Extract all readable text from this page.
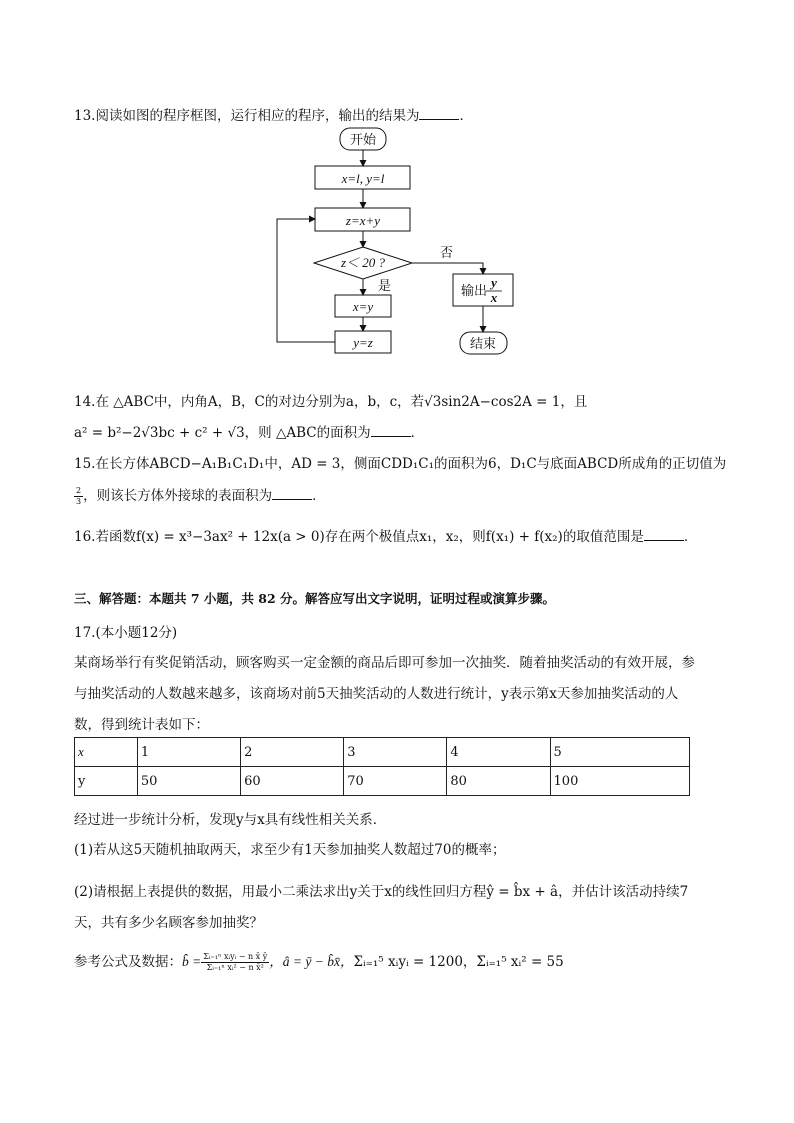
13.阅读如图的程序框图，运行相应的程序，输出的结果为	．
开始
x=l, y=l
z=x+y
z＜ 20 ?
是
否
x=y
y=z
输出
y
x
结束
14.在 △ABC中，内角A，B，C的对边分别为a，b，c，若√3sin2A−cos2A = 1，且
a² = b²−2√3bc + c² + √3，则 △ABC的面积为	．
15.在长方体ABCD−A₁B₁C₁D₁中，AD = 3，侧面CDD₁C₁的面积为6，D₁C与底面ABCD所成角的正切值为
$\frac{2}{3}$ ，则该长方体外接球的表面积为	．
16.若函数f(x) = x³−3ax² + 12x(a > 0)存在两个极值点x₁，x₂，则f(x₁) + f(x₂)的取值范围是	．
三、解答题：本题共 7 小题，共 82 分。解答应写出文字说明，证明过程或演算步骤。
17.(本小题12分)
某商场举行有奖促销活动，顾客购买一定金额的商品后即可参加一次抽奖．随着抽奖活动的有效开展，参
与抽奖活动的人数越来越多，该商场对前5天抽奖活动的人数进行统计，y表示第x天参加抽奖活动的人
数，得到统计表如下：
x	1	2	3	4	5
y	50	60	70	80	100
经过进一步统计分析，发现y与x具有线性相关关系．
(1)若从这5天随机抽取两天，求至少有1天参加抽奖人数超过70的概率；
(2)请根据上表提供的数据，用最小二乘法求出y关于x的线性回归方程ŷ = b̂x + â，并估计该活动持续7
天，共有多少名顾客参加抽奖？
参考公式及数据：b̂ = $\frac{\text{Σᵢ₌₁ⁿ xᵢyᵢ − n x̄ ȳ}}{\text{Σᵢ₌₁ⁿ xᵢ² − n x̄²}}$ ，â = ȳ − b̂x̄，Σᵢ₌₁⁵ xᵢyᵢ = 1200，Σᵢ₌₁⁵ xᵢ² = 55
